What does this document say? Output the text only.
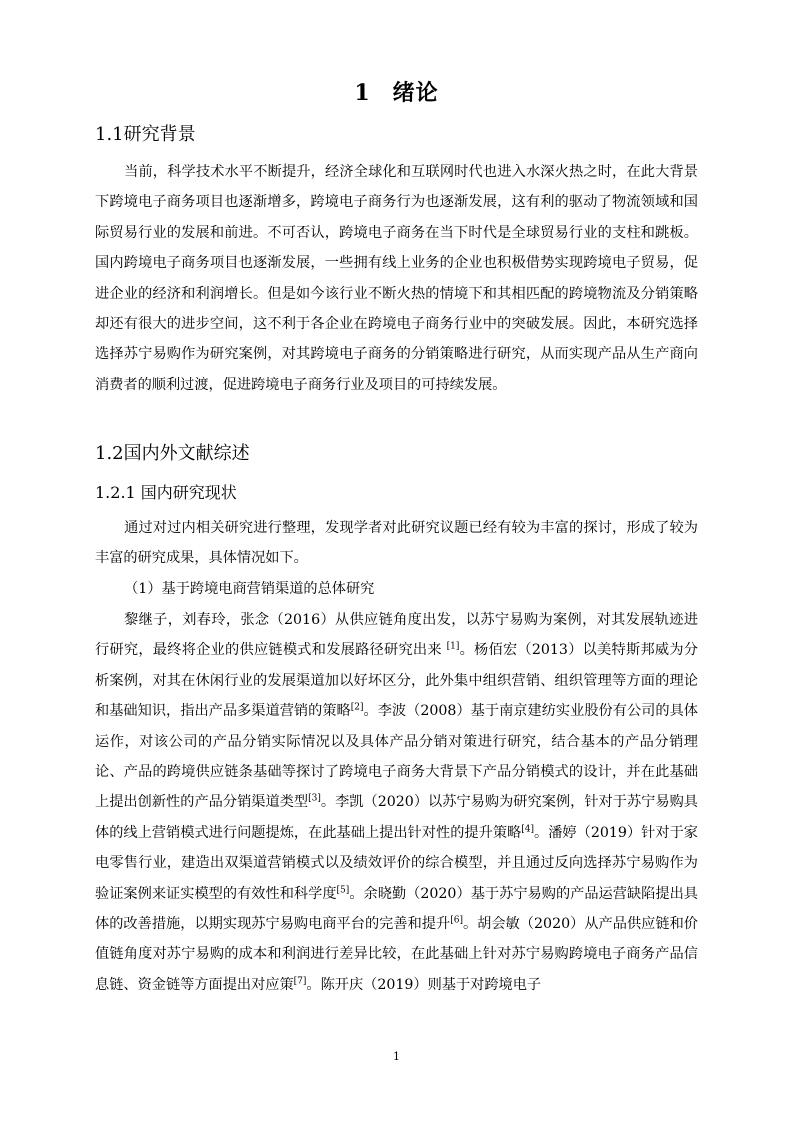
1 绪论
1.1研究背景

当前，科学技术水平不断提升，经济全球化和互联网时代也进入水深火热之时，在此大背景下跨境电子商务项目也逐渐增多，跨境电子商务行为也逐渐发展，这有利的驱动了物流领域和国际贸易行业的发展和前进。不可否认，跨境电子商务在当下时代是全球贸易行业的支柱和跳板。国内跨境电子商务项目也逐渐发展，一些拥有线上业务的企业也积极借势实现跨境电子贸易，促进企业的经济和利润增长。但是如今该行业不断火热的情境下和其相匹配的跨境物流及分销策略却还有很大的进步空间，这不利于各企业在跨境电子商务行业中的突破发展。因此，本研究选择选择苏宁易购作为研究案例，对其跨境电子商务的分销策略进行研究，从而实现产品从生产商向消费者的顺利过渡，促进跨境电子商务行业及项目的可持续发展。

1.2国内外文献综述
1.2.1 国内研究现状

通过对过内相关研究进行整理，发现学者对此研究议题已经有较为丰富的探讨，形成了较为丰富的研究成果，具体情况如下。

（1）基于跨境电商营销渠道的总体研究

黎继子，刘春玲，张念（2016）从供应链角度出发，以苏宁易购为案例，对其发展轨迹进行研究，最终将企业的供应链模式和发展路径研究出来 [1]。杨佰宏（2013）以美特斯邦威为分析案例，对其在休闲行业的发展渠道加以好坏区分，此外集中组织营销、组织管理等方面的理论和基础知识，指出产品多渠道营销的策略[2]。李波（2008）基于南京建纺实业股份有公司的具体运作，对该公司的产品分销实际情况以及具体产品分销对策进行研究，结合基本的产品分销理论、产品的跨境供应链条基础等探讨了跨境电子商务大背景下产品分销模式的设计，并在此基础上提出创新性的产品分销渠道类型[3]。李凯（2020）以苏宁易购为研究案例，针对于苏宁易购具体的线上营销模式进行问题提炼，在此基础上提出针对性的提升策略[4]。潘婷（2019）针对于家电零售行业，建造出双渠道营销模式以及绩效评价的综合模型，并且通过反向选择苏宁易购作为验证案例来证实模型的有效性和科学度[5]。余晓勤（2020）基于苏宁易购的产品运营缺陷提出具体的改善措施，以期实现苏宁易购电商平台的完善和提升[6]。胡会敏（2020）从产品供应链和价值链角度对苏宁易购的成本和利润进行差异比较，在此基础上针对苏宁易购跨境电子商务产品信息链、资金链等方面提出对应策[7]。陈开庆（2019）则基于对跨境电子

1
